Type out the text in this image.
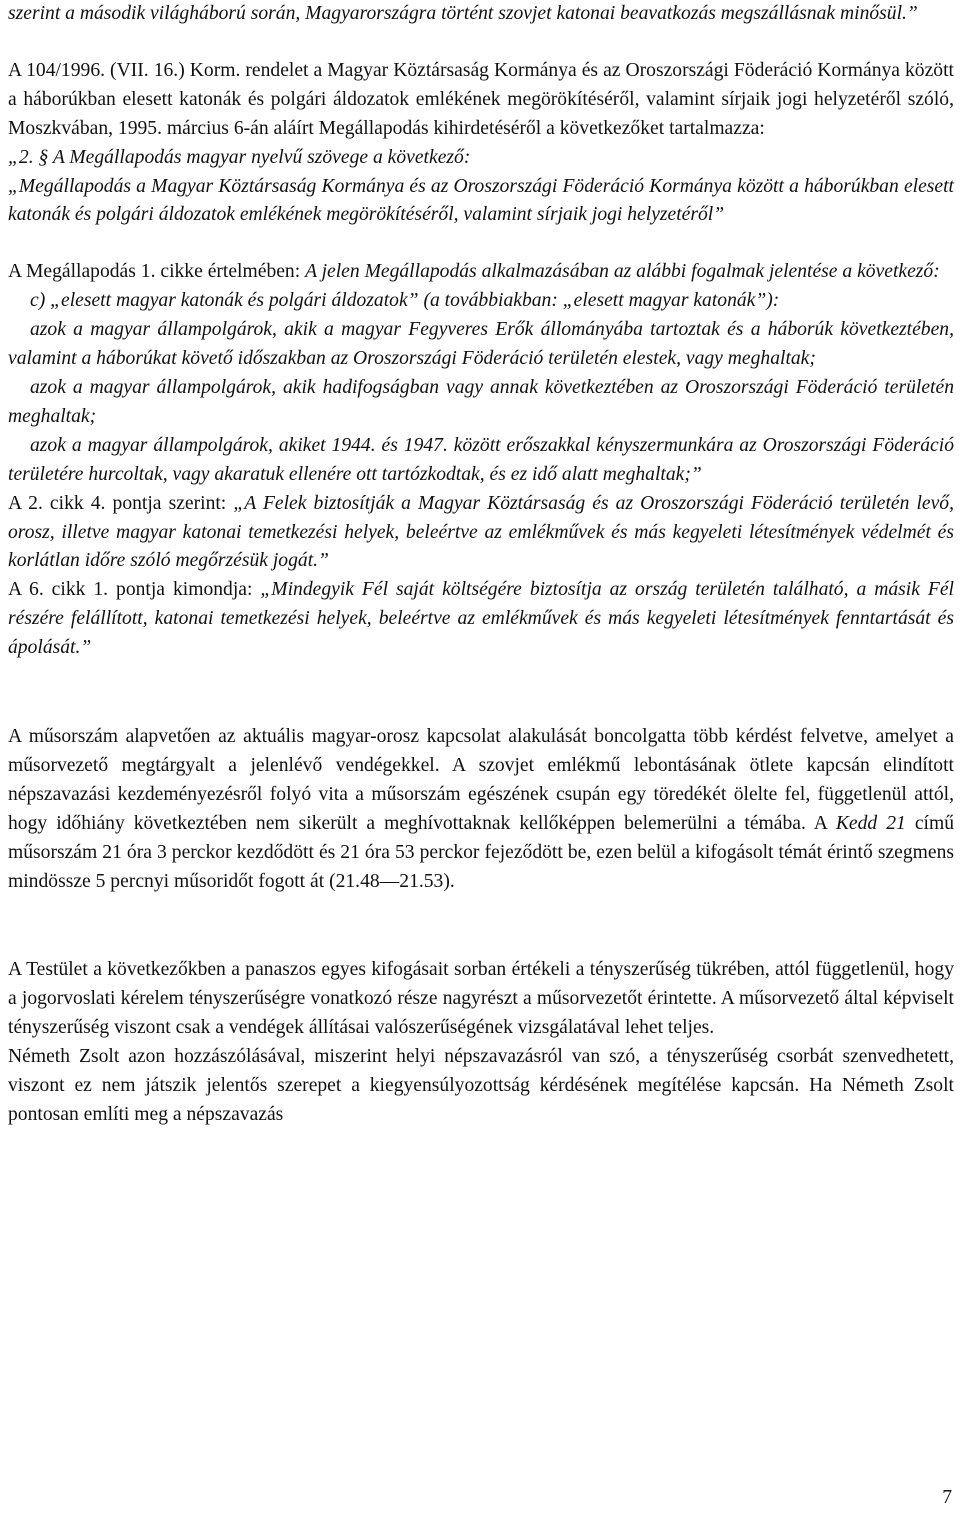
szerint a második világháború során, Magyarországra történt szovjet katonai beavatkozás megszállásnak minősül.”

A 104/1996. (VII. 16.) Korm. rendelet a Magyar Köztársaság Kormánya és az Oroszországi Föderáció Kormánya között a háborúkban elesett katonák és polgári áldozatok emlékének megörökítéséről, valamint sírjaik jogi helyzetéről szóló, Moszkvában, 1995. március 6-án aláírt Megállapodás kihirdetéséről a következőket tartalmazza:

„2. § A Megállapodás magyar nyelvű szövege a következő:

„Megállapodás a Magyar Köztársaság Kormánya és az Oroszországi Föderáció Kormánya között a háborúkban elesett katonák és polgári áldozatok emlékének megörökítéséről, valamint sírjaik jogi helyzetéről”

A Megállapodás 1. cikke értelmében: A jelen Megállapodás alkalmazásában az alábbi fogalmak jelentése a következő:

c) „elesett magyar katonák és polgári áldozatok” (a továbbiakban: „elesett magyar katonák”):

azok a magyar állampolgárok, akik a magyar Fegyveres Erők állományába tartoztak és a háborúk következtében, valamint a háborúkat követő időszakban az Oroszországi Föderáció területén elestek, vagy meghaltak;

azok a magyar állampolgárok, akik hadifogságban vagy annak következtében az Oroszországi Föderáció területén meghaltak;

azok a magyar állampolgárok, akiket 1944. és 1947. között erőszakkal kényszermunkára az Oroszországi Föderáció területére hurcoltak, vagy akaratuk ellenére ott tartózkodtak, és ez idő alatt meghaltak;”

A 2. cikk 4. pontja szerint: „A Felek biztosítják a Magyar Köztársaság és az Oroszországi Föderáció területén levő, orosz, illetve magyar katonai temetkezési helyek, beleértve az emlékművek és más kegyeleti létesítmények védelmét és korlátlan időre szóló megőrzésük jogát.”

A 6. cikk 1. pontja kimondja: „Mindegyik Fél saját költségére biztosítja az ország területén található, a másik Fél részére felállított, katonai temetkezési helyek, beleértve az emlékművek és más kegyeleti létesítmények fenntartását és ápolását.”

A műsorszám alapvetően az aktuális magyar-orosz kapcsolat alakulását boncolgatta több kérdést felvetve, amelyet a műsorvezető megtárgyalt a jelenlévő vendégekkel. A szovjet emlékmű lebontásának ötlete kapcsán elindított népszavazási kezdeményezésről folyó vita a műsorszám egészének csupán egy töredékét ölelte fel, függetlenül attól, hogy időhiány következtében nem sikerült a meghívottaknak kellőképpen belemerülni a témába. A Kedd 21 című műsorszám 21 óra 3 perckor kezdődött és 21 óra 53 perckor fejeződött be, ezen belül a kifogásolt témát érintő szegmens mindössze 5 percnyi műsoridőt fogott át (21.48—21.53).

A Testület a következőkben a panaszos egyes kifogásait sorban értékeli a tényszerűség tükrében, attól függetlenül, hogy a jogorvoslati kérelem tényszerűségre vonatkozó része nagyrészt a műsorvezetőt érintette. A műsorvezető által képviselt tényszerűség viszont csak a vendégek állításai valószerűségének vizsgálatával lehet teljes.

Németh Zsolt azon hozzászólásával, miszerint helyi népszavazásról van szó, a tényszerűség csorbát szenvedhetett, viszont ez nem játszik jelentős szerepet a kiegyensúlyozottság kérdésének megítélése kapcsán. Ha Németh Zsolt pontosan említi meg a népszavazás

7
